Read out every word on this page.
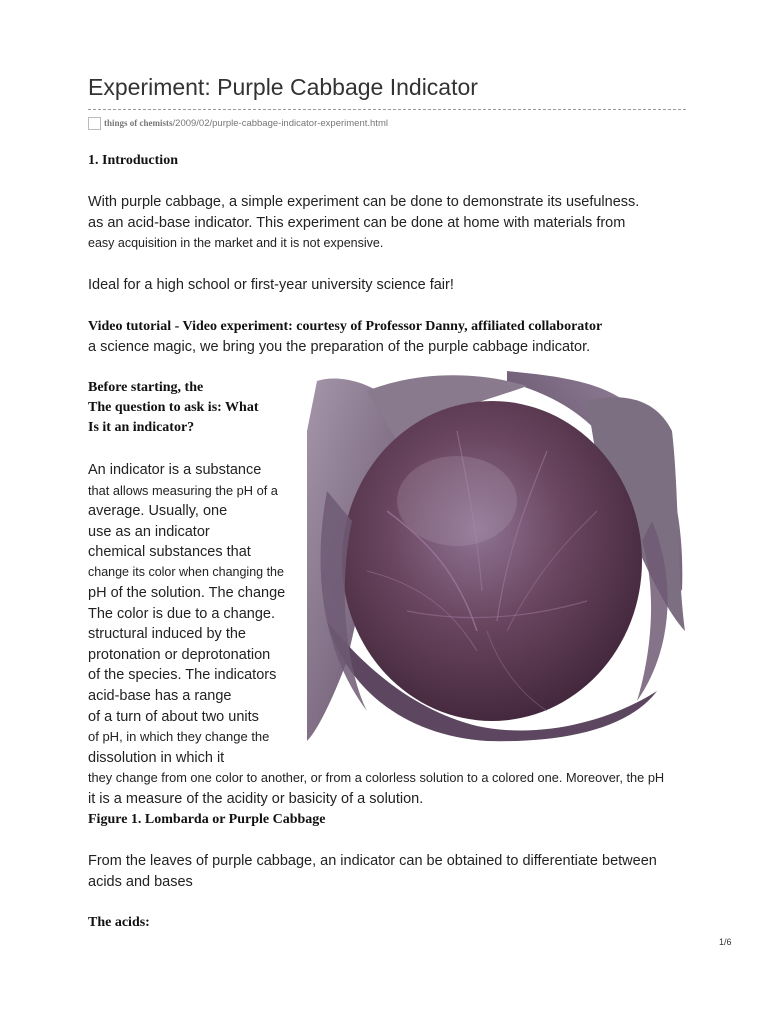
Experiment: Purple Cabbage Indicator
things of chemists /2009/02/purple-cabbage-indicator-experiment.html
1. Introduction
With purple cabbage, a simple experiment can be done to demonstrate its usefulness.
as an acid-base indicator. This experiment can be done at home with materials from
easy acquisition in the market and it is not expensive.
Ideal for a high school or first-year university science fair!
Video tutorial - Video experiment: courtesy of Professor Danny, affiliated collaborator
a science magic, we bring you the preparation of the purple cabbage indicator.
Before starting, the
The question to ask is: What
Is it an indicator?
An indicator is a substance
that allows measuring the pH of a
average. Usually, one
use as an indicator
chemical substances that
change its color when changing the
pH of the solution. The change
The color is due to a change.
structural induced by the
protonation or deprotonation
of the species. The indicators
acid-base has a range
of a turn of about two units
of pH, in which they change the
dissolution in which it
they change from one color to another, or from a colorless solution to a colored one. Moreover, the pH
it is a measure of the acidity or basicity of a solution.
Figure 1. Lombarda or Purple Cabbage
From the leaves of purple cabbage, an indicator can be obtained to differentiate between
acids and bases
The acids:
1/6
